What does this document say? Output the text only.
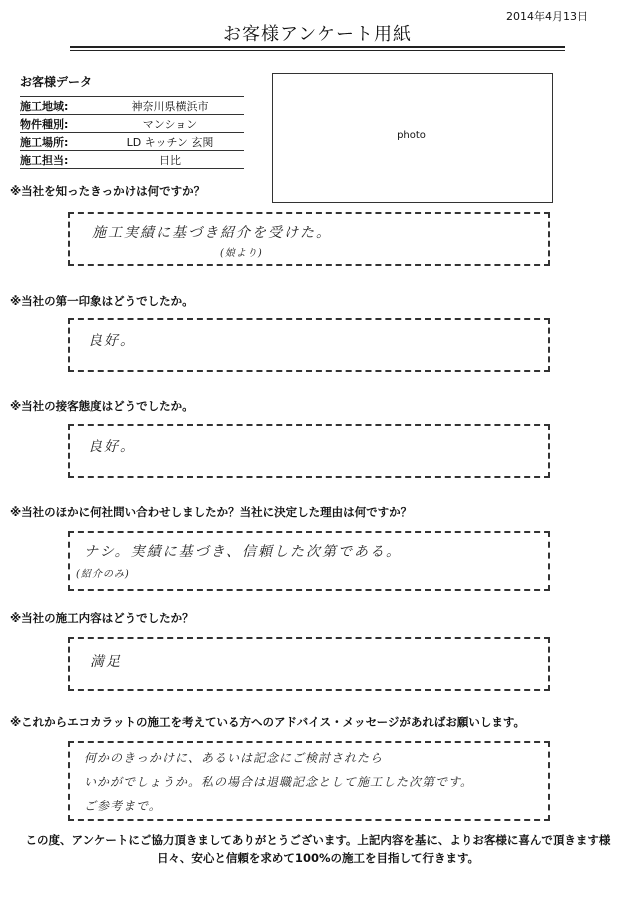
2014年4月13日
お客様アンケート用紙
お客様データ
施工地域:	神奈川県横浜市
物件種別:	マンション
施工場所:	LD キッチン 玄関
施工担当:	日比
photo
※当社を知ったきっかけは何ですか？
施工実績に基づき紹介を受けた。
(娘より)
※当社の第一印象はどうでしたか。
良好。
※当社の接客態度はどうでしたか。
良好。
※当社のほかに何社問い合わせしましたか？当社に決定した理由は何ですか？
ナシ。実績に基づき、信頼した次第である。
(紹介のみ)
※当社の施工内容はどうでしたか？
満足
※これからエコカラットの施工を考えている方へのアドバイス・メッセージがあればお願いします。
何かのきっかけに、あるいは記念にご検討されたら
いかがでしょうか。私の場合は退職記念として施工した次第です。
ご参考まで。
この度、アンケートにご協力頂きましてありがとうございます。上記内容を基に、よりお客様に喜んで頂きます様
日々、安心と信頼を求めて100%の施工を目指して行きます。
